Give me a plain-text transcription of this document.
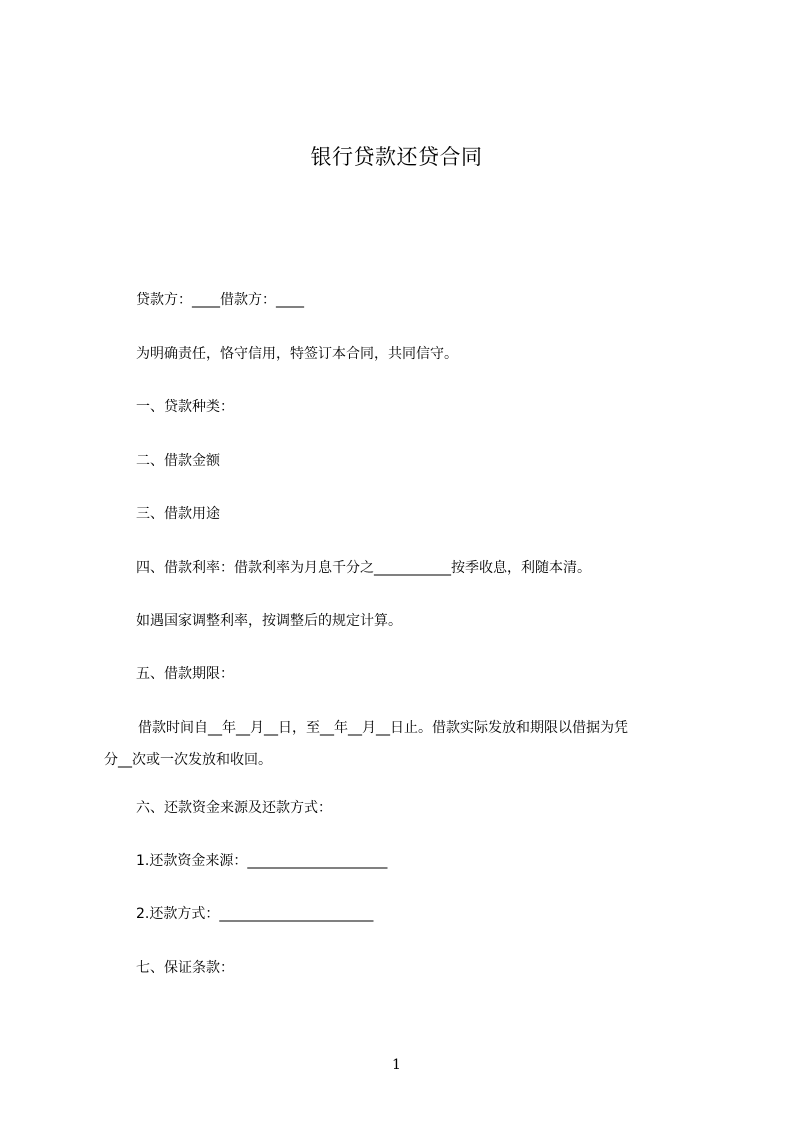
银行贷款还贷合同
贷款方：____借款方：____
为明确责任，恪守信用，特签订本合同，共同信守。
一、贷款种类：
二、借款金额
三、借款用途
四、借款利率：借款利率为月息千分之___________按季收息，利随本清。
如遇国家调整利率，按调整后的规定计算。
五、借款期限：
借款时间自__年__月__日，至__年__月__日止。借款实际发放和期限以借据为凭
分__次或一次发放和收回。
六、还款资金来源及还款方式：
1.还款资金来源：____________________
2.还款方式：______________________
七、保证条款：
1
